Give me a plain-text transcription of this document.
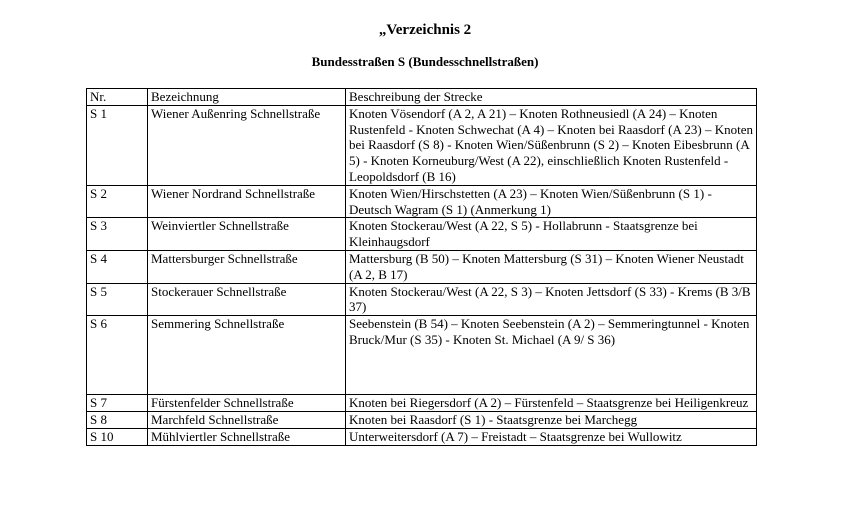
„Verzeichnis 2
Bundesstraßen S (Bundesschnellstraßen)
Nr.	Bezeichnung	Beschreibung der Strecke
S 1	Wiener Außenring Schnellstraße	Knoten Vösendorf (A 2, A 21) – Knoten Rothneusiedl (A 24) – Knoten Rustenfeld - Knoten Schwechat (A 4) – Knoten bei Raasdorf (A 23) – Knoten bei Raasdorf (S 8) - Knoten Wien/Süßenbrunn (S 2) – Knoten Eibesbrunn (A 5) - Knoten Korneuburg/West (A 22), einschließlich Knoten Rustenfeld - Leopoldsdorf (B 16)
S 2	Wiener Nordrand Schnellstraße	Knoten Wien/Hirschstetten (A 23) – Knoten Wien/Süßenbrunn (S 1) - Deutsch Wagram (S 1) (Anmerkung 1)
S 3	Weinviertler Schnellstraße	Knoten Stockerau/West (A 22, S 5) - Hollabrunn - Staatsgrenze bei Kleinhaugsdorf
S 4	Mattersburger Schnellstraße	Mattersburg (B 50) – Knoten Mattersburg (S 31) – Knoten Wiener Neustadt (A 2, B 17)
S 5	Stockerauer Schnellstraße	Knoten Stockerau/West (A 22, S 3) – Knoten Jettsdorf (S 33) - Krems (B 3/B 37)
S 6	Semmering Schnellstraße	Seebenstein (B 54) – Knoten Seebenstein (A 2) – Semmeringtunnel - Knoten Bruck/Mur (S 35) - Knoten St. Michael (A 9/ S 36)
S 7	Fürstenfelder Schnellstraße	Knoten bei Riegersdorf (A 2) – Fürstenfeld – Staatsgrenze bei Heiligenkreuz
S 8	Marchfeld Schnellstraße	Knoten bei Raasdorf (S 1) - Staatsgrenze bei Marchegg
S 10	Mühlviertler Schnellstraße	Unterweitersdorf (A 7) – Freistadt – Staatsgrenze bei Wullowitz
